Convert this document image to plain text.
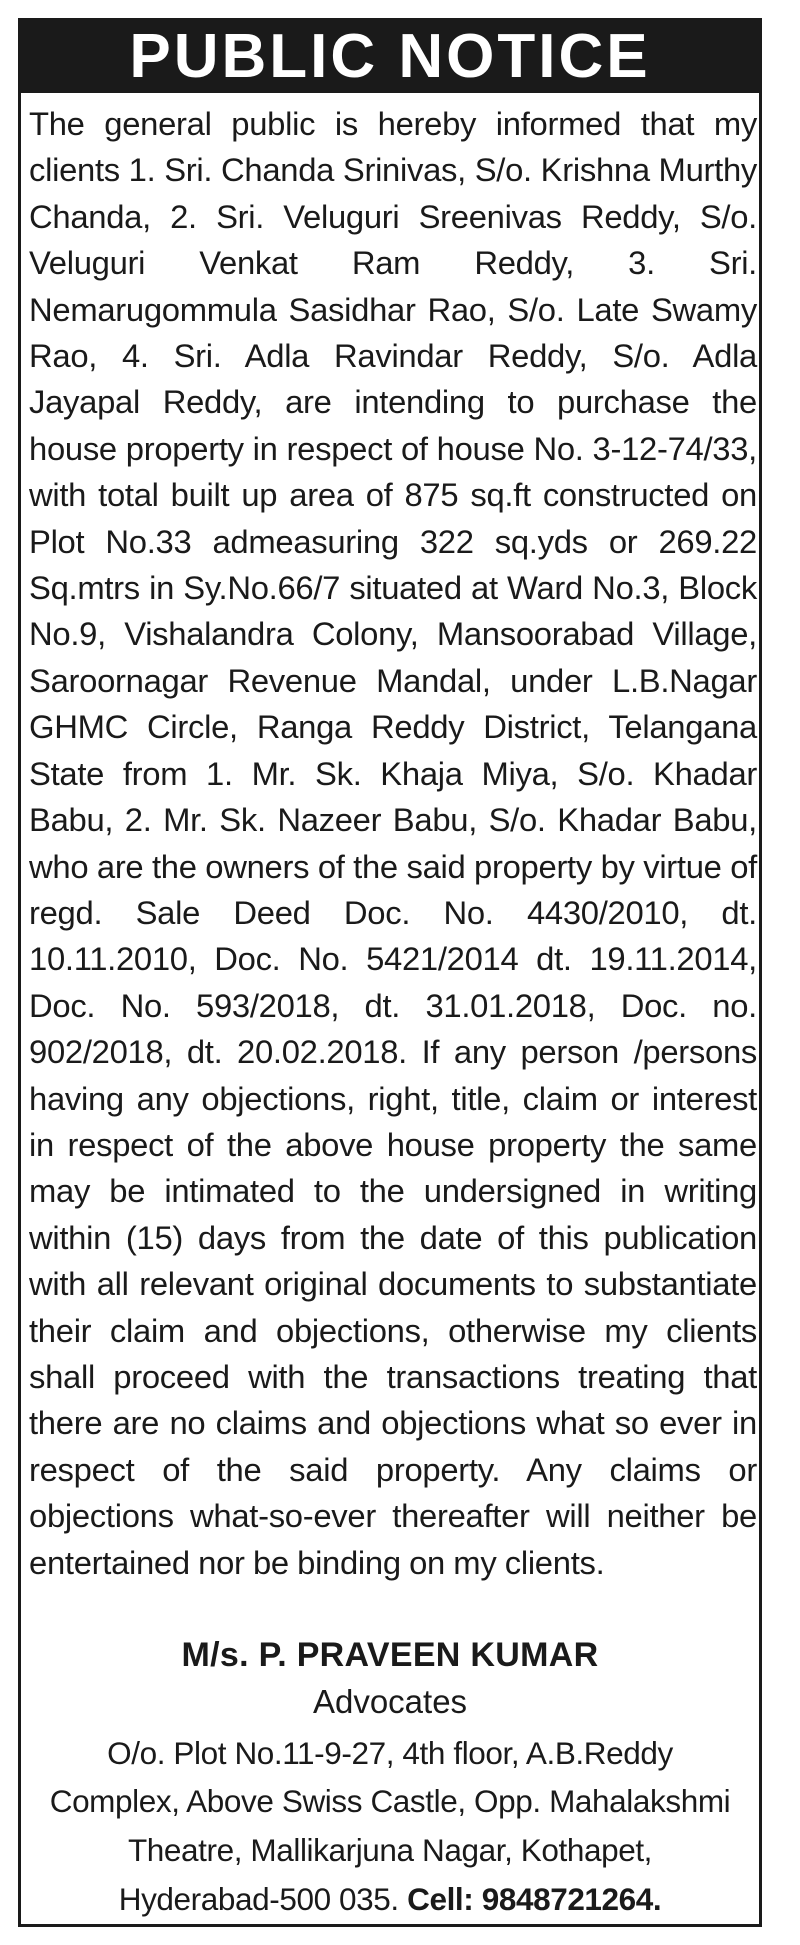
PUBLIC NOTICE

The general public is hereby informed that my clients 1. Sri. Chanda Srinivas, S/o. Krishna Murthy Chanda, 2. Sri. Veluguri Sreenivas Reddy, S/o. Veluguri Venkat Ram Reddy, 3. Sri. Nemarugommula Sasidhar Rao, S/o. Late Swamy Rao, 4. Sri. Adla Ravindar Reddy, S/o. Adla Jayapal Reddy, are intending to purchase the house property in respect of house No. 3-12-74/33, with total built up area of 875 sq.ft constructed on Plot No.33 admeasuring 322 sq.yds or 269.22 Sq.mtrs in Sy.No.66/7 situated at Ward No.3, Block No.9, Vishalandra Colony, Mansoorabad Village, Saroornagar Revenue Mandal, under L.B.Nagar GHMC Circle, Ranga Reddy District, Telangana State from 1. Mr. Sk. Khaja Miya, S/o. Khadar Babu, 2. Mr. Sk. Nazeer Babu, S/o. Khadar Babu, who are the owners of the said property by virtue of regd. Sale Deed Doc. No. 4430/2010, dt. 10.11.2010, Doc. No. 5421/2014 dt. 19.11.2014, Doc. No. 593/2018, dt. 31.01.2018, Doc. no. 902/2018, dt. 20.02.2018. If any person /persons having any objections, right, title, claim or interest in respect of the above house property the same may be intimated to the undersigned in writing within (15) days from the date of this publication with all relevant original documents to substantiate their claim and objections, otherwise my clients shall proceed with the transactions treating that there are no claims and objections what so ever in respect of the said property. Any claims or objections what-so-ever thereafter will neither be entertained nor be binding on my clients.

M/s. P. PRAVEEN KUMAR
Advocates
O/o. Plot No.11-9-27, 4th floor, A.B.Reddy
Complex, Above Swiss Castle, Opp. Mahalakshmi
Theatre, Mallikarjuna Nagar, Kothapet,
Hyderabad-500 035. Cell: 9848721264.
